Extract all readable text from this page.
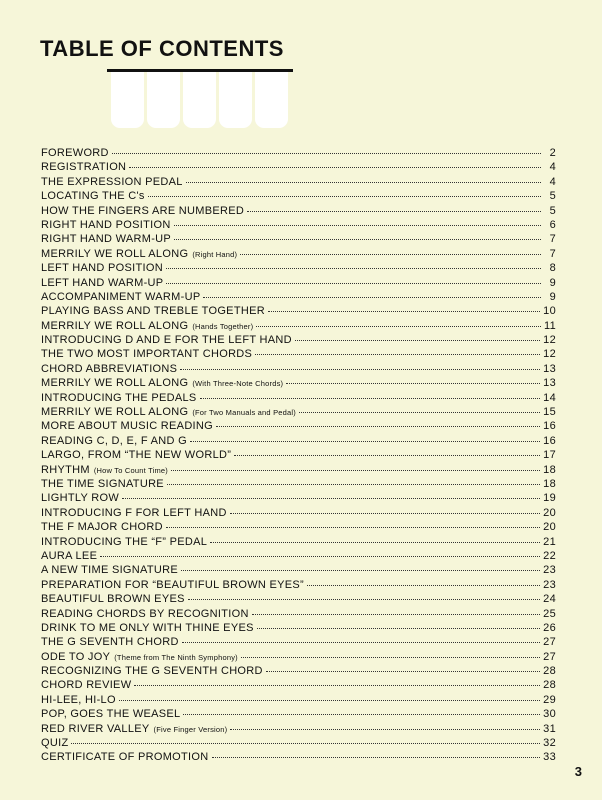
TABLE OF CONTENTS
FOREWORD	2
REGISTRATION	4
THE EXPRESSION PEDAL	4
LOCATING THE C's	5
HOW THE FINGERS ARE NUMBERED	5
RIGHT HAND POSITION	6
RIGHT HAND WARM-UP	7
MERRILY WE ROLL ALONG (Right Hand)	7
LEFT HAND POSITION	8
LEFT HAND WARM-UP	9
ACCOMPANIMENT WARM-UP	9
PLAYING BASS AND TREBLE TOGETHER	10
MERRILY WE ROLL ALONG (Hands Together)	11
INTRODUCING D AND E FOR THE LEFT HAND	12
THE TWO MOST IMPORTANT CHORDS	12
CHORD ABBREVIATIONS	13
MERRILY WE ROLL ALONG (With Three-Note Chords)	13
INTRODUCING THE PEDALS	14
MERRILY WE ROLL ALONG (For Two Manuals and Pedal)	15
MORE ABOUT MUSIC READING	16
READING C, D, E, F AND G	16
LARGO, FROM “THE NEW WORLD”	17
RHYTHM (How To Count Time)	18
THE TIME SIGNATURE	18
LIGHTLY ROW	19
INTRODUCING F FOR LEFT HAND	20
THE F MAJOR CHORD	20
INTRODUCING THE “F” PEDAL	21
AURA LEE	22
A NEW TIME SIGNATURE	23
PREPARATION FOR “BEAUTIFUL BROWN EYES”	23
BEAUTIFUL BROWN EYES	24
READING CHORDS BY RECOGNITION	25
DRINK TO ME ONLY WITH THINE EYES	26
THE G SEVENTH CHORD	27
ODE TO JOY (Theme from The Ninth Symphony)	27
RECOGNIZING THE G SEVENTH CHORD	28
CHORD REVIEW	28
HI-LEE, HI-LO	29
POP, GOES THE WEASEL	30
RED RIVER VALLEY (Five Finger Version)	31
QUIZ	32
CERTIFICATE OF PROMOTION	33
3
